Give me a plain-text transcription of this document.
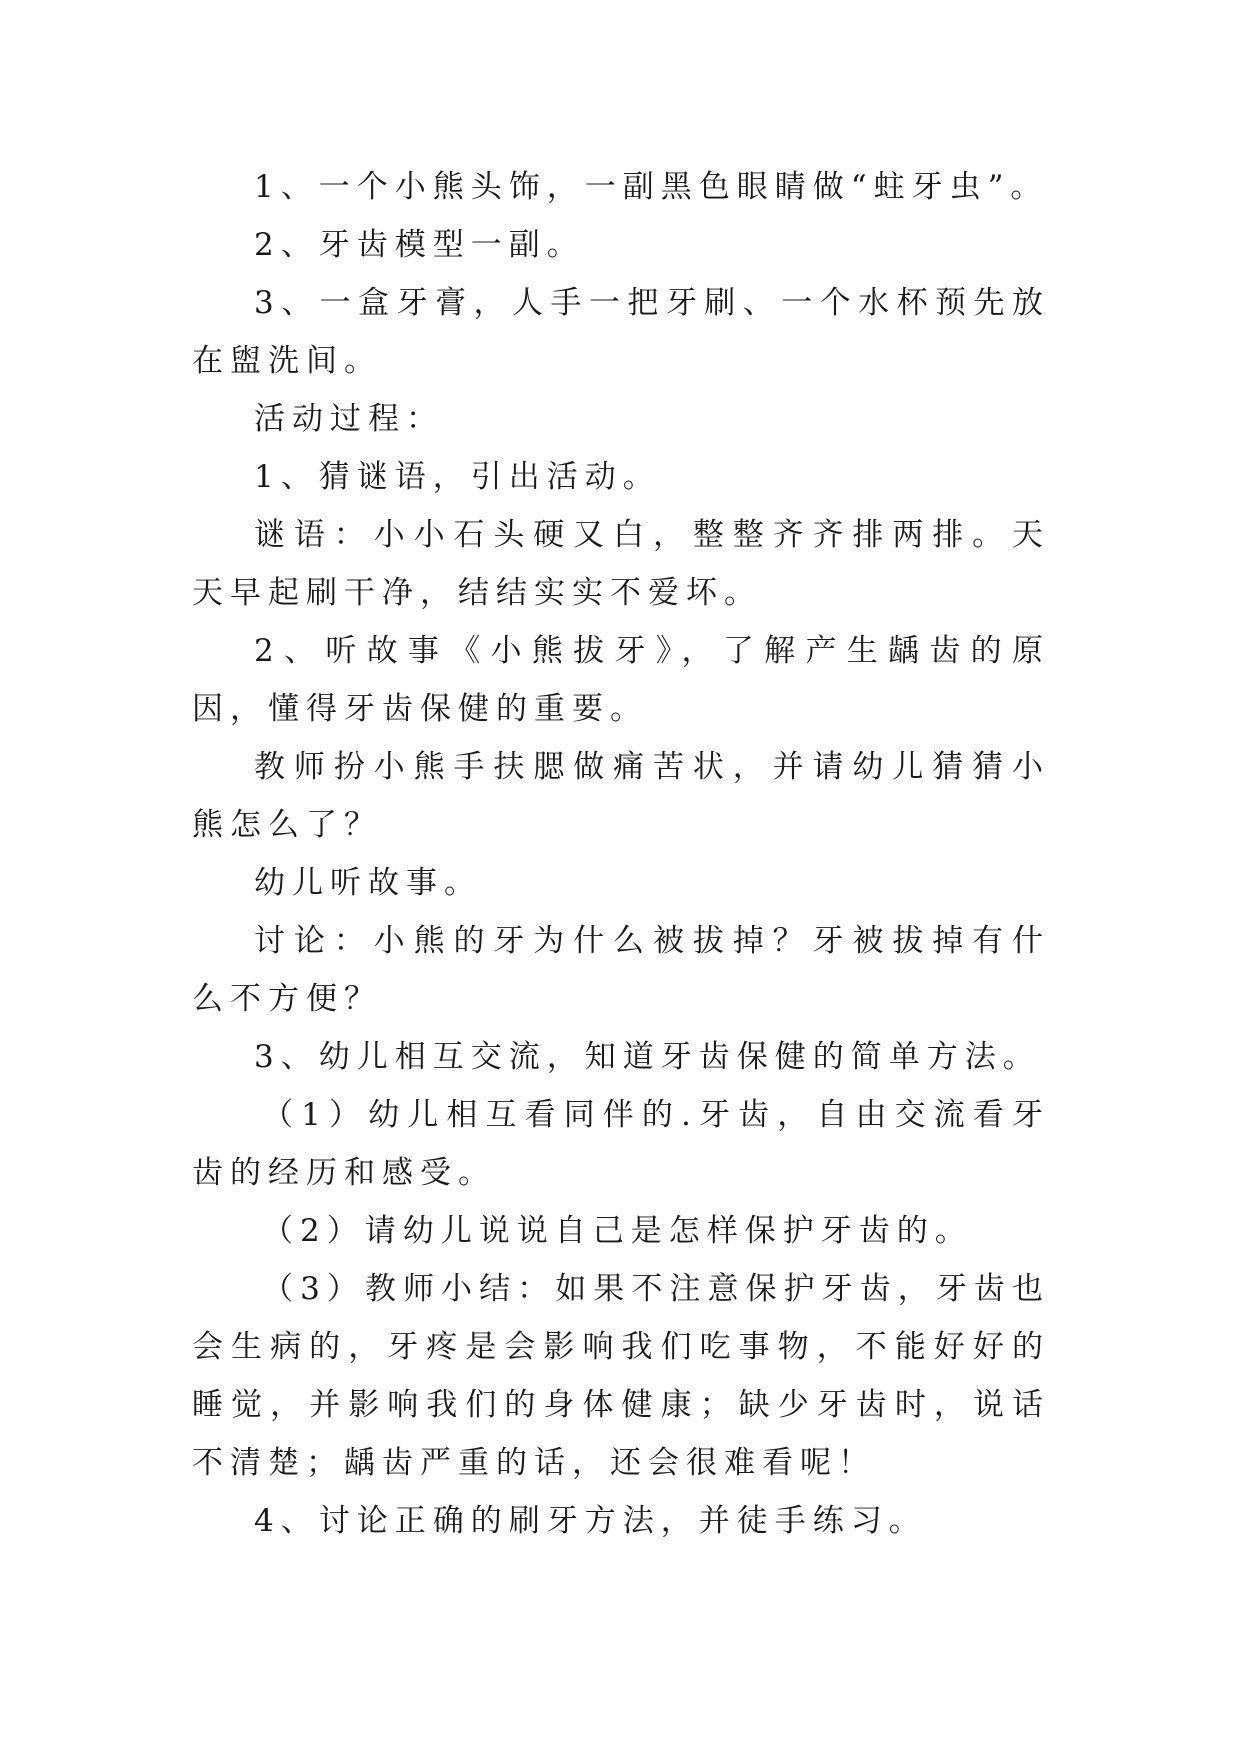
1、一个小熊头饰，一副黑色眼睛做“蛀牙虫”。

2、牙齿模型一副。

3、一盒牙膏，人手一把牙刷、一个水杯预先放在盥洗间。

活动过程：

1、猜谜语，引出活动。

谜语：小小石头硬又白，整整齐齐排两排。天天早起刷干净，结结实实不爱坏。

2、听故事《小熊拔牙》，了解产生龋齿的原因，懂得牙齿保健的重要。

教师扮小熊手扶腮做痛苦状，并请幼儿猜猜小熊怎么了？

幼儿听故事。

讨论：小熊的牙为什么被拔掉？牙被拔掉有什么不方便？

3、幼儿相互交流，知道牙齿保健的简单方法。

（1）幼儿相互看同伴的.牙齿，自由交流看牙齿的经历和感受。

（2）请幼儿说说自己是怎样保护牙齿的。

（3）教师小结：如果不注意保护牙齿，牙齿也会生病的，牙疼是会影响我们吃事物，不能好好的睡觉，并影响我们的身体健康；缺少牙齿时，说话不清楚；龋齿严重的话，还会很难看呢！

4、讨论正确的刷牙方法，并徒手练习。
